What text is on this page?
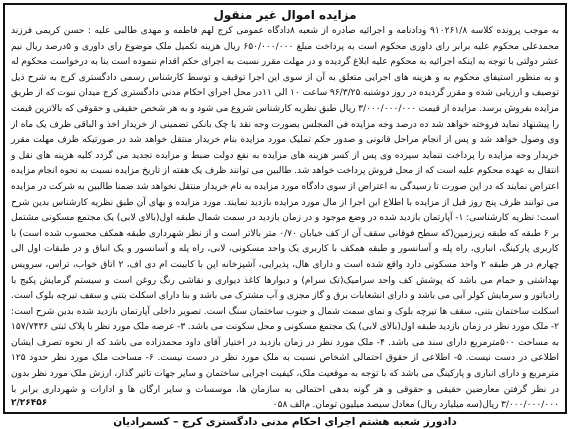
مزایده اموال غیر منقول

به موجب پرونده کلاسه ۹۱۰۲۶۱/۸ ودادنامه و اجرائیه صادره از شعبه ۸دادگاه عمومی کرج لهم فاطمه و مهدی طالبی علیه : حسن کریمی فرزند محمدعلی محکوم علیه برابر رای داوری محکوم است به پرداخت مبلغ ۶۵۰/۰۰۰/۰۰۰ ریال هزینه تکمیل ملک موضوع رای داوری و ۵درصد ریال نیم عشر دولتی با توجه به اینکه اجرائیه به محکوم علیه ابلاغ گردیده و در مهلت مقرر نسبت به اجرای حکم اقدام ننموده است بنا به درخواست محکوم له و به منظور استیفای محکوم به و هزینه های اجرایی متعلق به آن از سوی این اجرا توقیف و توسط کارشناس رسمی دادگستری کرج به شرح ذیل توصیف و ارزیابی شده و مقرر گردیده در روز دوشنبه ۹۶/۳/۲۵ ساعت ۱۰ الی ۱۱در محل اجرای احکام مدنی دادگستری کرج میدان نبوت که از طریق مزایده بفروش برسد. مزایده از قیمت ۳/۰۰۰/۰۰۰/۰۰۰ ریال طبق نظریه کارشناس شروع می شود و به هر شخص حقیقی و حقوقی که بالاترین قیمت را پیشنهاد نماید فروخته خواهد شد ده درصد وجه مزایده فی المجلس بصورت وجه نقد یا چک بانکی تضمینی از خریدار اخذ و الباقی ظرف یک ماه از وی وصول خواهد شد و پس از انجام مراحل قانونی و صدور حکم تملیک مورد مزایده بنام خریدار منتقل خواهد شد در صورتیکه ظرف مهلت مقرر خریدار وجه مزایده را پرداخت ننماید سپرده وی پس از کسر هزینه های مزایده به نفع دولت ضبط و مزایده تجدید می گردد کلیه هزینه های نقل و انتقال به عهده محکوم علیه است که از محل فروش پرداخت خواهد شد. طالبین می توانند ظرف یک هفته از تاریخ مزایده نسبت به نحوه انجام مزایده اعتراض نمایند که در این صورت تا رسیدگی به اعتراض از سوی دادگاه مورد مزایده به نام خریدار منتقل نخواهد شد ضمنا طالبین به شرکت در مزایده می توانند ظرف پنج روز قبل از مزایده با اطلاع این اجرا از مال مورد مزایده بازدید نمایند. مورد مزایده و بهای آن طبق نظریه کارشناس بدین شرح است: نظریه کارشناسی: ۱- آپارتمان بازدید شده در وضع موجود و در زمان بازدید در سمت شمال طبقه اول(بالای لابی) یک مجتمع مسکونی مشتمل بر ۶ طبقه که طبقه زیرزمین(که سطح فوقانی سقف آن از کف خیابان ۰/۷۰ متر بالاتر است و از نظر شهرداری طبقه همکف محسوب شده است) با کاربری پارکینگ، انباری، راه پله و آسانسور و طبقه همکف با کاربری یک واحد مسکونی، لابی، راه پله و آسانسور و یک انباق و در طبقات اول الی چهارم در هر طبقه ۲ واحد مسکونی دارد واقع شده است و دارای هال، پذیرایی، آشپزخانه اپن با کابینت ام دی اف، ۲ اتاق خواب، تراس، سرویس بهداشتی و حمام می باشد که پوشش کف واحد سرامیک(تک سرام) و دیوارها کاغذ دیواری و نقاشی رنگ روغن است و سیستم گرمایش پکیج با رادیاتور و سرمایش کولر آبی می باشد و دارای انشعابات برق و گاز مجزی و آب مشترک می باشد و بنا دارای اسکلت بتنی و سقف تیرچه بلوک است. اسکلت ساختمان بتنی، سقف ها تیرچه بلوک و نمای سمت شمال و جنوب ساختمان سنگ است. تصویر داخلی آپارتمان بازدید شده بدین شرح است: ۲- ملک مورد نظر در زمان بازدید طبقه اول(بالای لابی) یک مجتمع مسکونی و محل سکونت می باشد. ۳- عرصه ملک مورد نظر با پلاک ثبتی ۱۵۷/۷۴۳۶ به مساحت ۵۰۰مترمربع دارای سند می باشد. ۴- ملک مورد نظر در زمان بازدید در اختیار آقای داود محمدزاده می باشد که از نحوه تصرف ایشان اطلاعی در دست نیست. ۵- اطلاعی از حقوق احتمالی اشخاص نسبت به ملک مورد نظر در دست نیست. ۶- مساحت ملک مورد نظر حدود ۱۲۵ مترمربع و دارای انباری و پارکینگ می باشد که با توجه به موقعیت ملک، کیفیت اجرایی ساختمان و سایر جهات تاثیر گذار، ارزش ملک مورد نظر بدون در نظر گرفتن معارضین حقیقی و حقوقی و هر گونه بدهی احتمالی به سازمان ها، موسسات و سایر ارگان ها و ادارات و شهرداری برابر با ۳/۰۰۰/۰۰۰/۰۰۰ ریال(سه میلیارد ریال) معادل سیصد میلیون تومان. م‌الف ۰۵۸

دادورز شعبه هشتم اجرای احکام مدنی دادگستری کرج – کسمرادیان
۲/۲۶۴۵۶
